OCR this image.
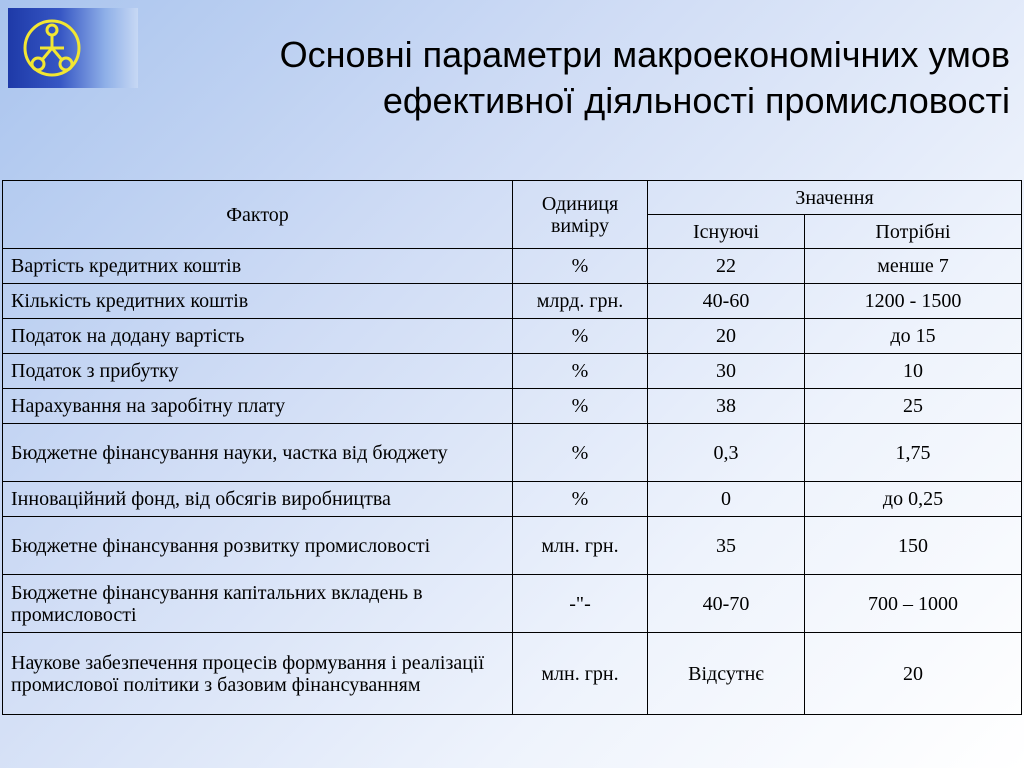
Основні параметри макроекономічних умов
ефективної діяльності промисловості
Фактор	Одиниця виміру	Значення	
		Існуючі	Потрібні
Вартість кредитних коштів	%	22	менше 7
Кількість кредитних коштів	млрд. грн.	40-60	1200 - 1500
Податок на додану вартість	%	20	до 15
Податок з прибутку	%	30	10
Нарахування на заробітну плату	%	38	25
Бюджетне фінансування науки, частка від бюджету	%	0,3	1,75
Інноваційний фонд, від обсягів виробництва	%	0	до 0,25
Бюджетне фінансування розвитку промисловості	млн. грн.	35	150
Бюджетне фінансування капітальних вкладень в промисловості	-"-	40-70	700 – 1000
Наукове забезпечення процесів формування і реалізації промислової політики з базовим фінансуванням	млн. грн.	Відсутнє	20
